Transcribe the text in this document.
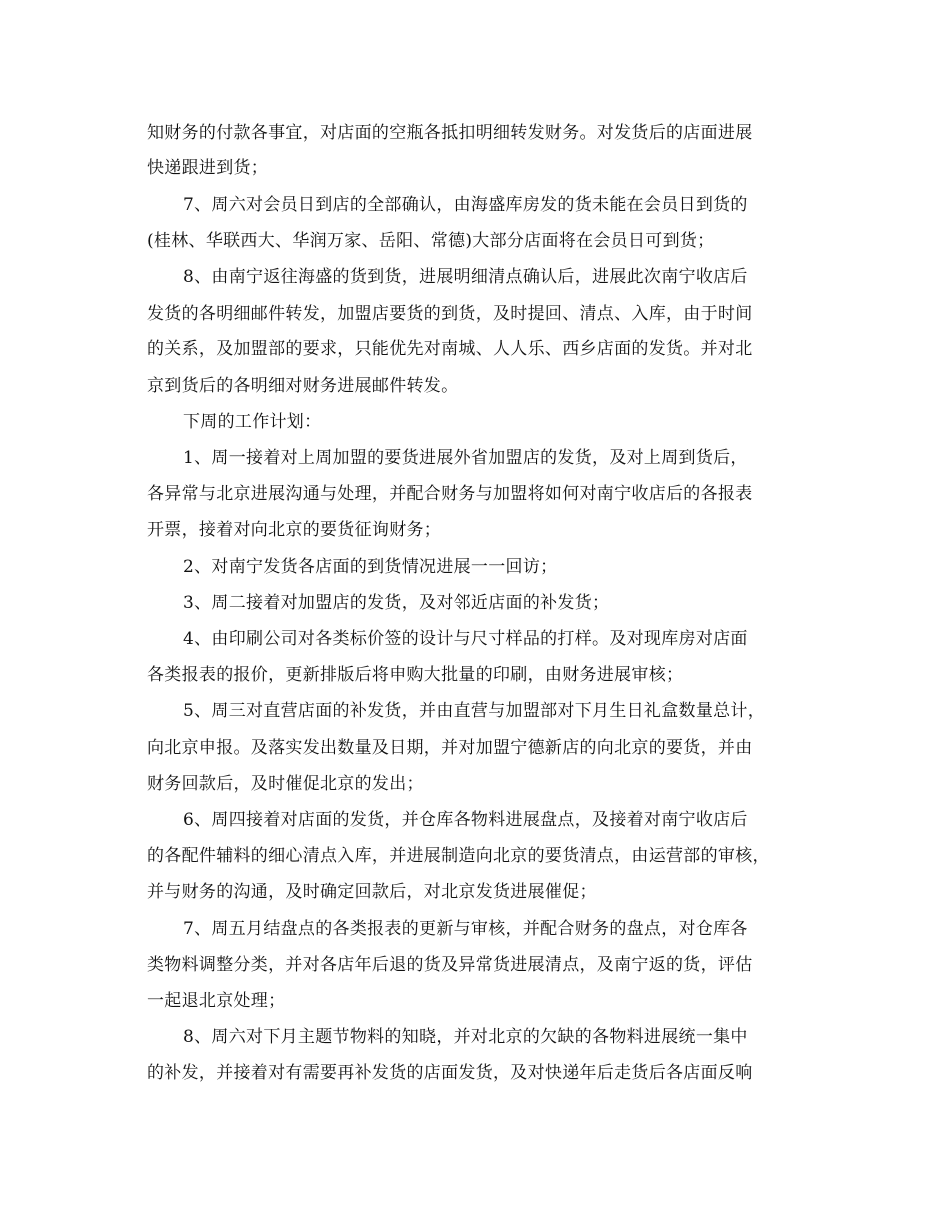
知财务的付款各事宜，对店面的空瓶各抵扣明细转发财务。对发货后的店面进展
快递跟进到货；
7、周六对会员日到店的全部确认，由海盛库房发的货未能在会员日到货的
(桂林、华联西大、华润万家、岳阳、常德)大部分店面将在会员日可到货；
8、由南宁返往海盛的货到货，进展明细清点确认后，进展此次南宁收店后
发货的各明细邮件转发，加盟店要货的到货，及时提回、清点、入库，由于时间
的关系，及加盟部的要求，只能优先对南城、人人乐、西乡店面的发货。并对北
京到货后的各明细对财务进展邮件转发。
下周的工作计划：
1、周一接着对上周加盟的要货进展外省加盟店的发货，及对上周到货后，
各异常与北京进展沟通与处理，并配合财务与加盟将如何对南宁收店后的各报表
开票，接着对向北京的要货征询财务；
2、对南宁发货各店面的到货情况进展一一回访；
3、周二接着对加盟店的发货，及对邻近店面的补发货；
4、由印刷公司对各类标价签的设计与尺寸样品的打样。及对现库房对店面
各类报表的报价，更新排版后将申购大批量的印刷，由财务进展审核；
5、周三对直营店面的补发货，并由直营与加盟部对下月生日礼盒数量总计，
向北京申报。及落实发出数量及日期，并对加盟宁德新店的向北京的要货，并由
财务回款后，及时催促北京的发出；
6、周四接着对店面的发货，并仓库各物料进展盘点，及接着对南宁收店后
的各配件辅料的细心清点入库，并进展制造向北京的要货清点，由运营部的审核，
并与财务的沟通，及时确定回款后，对北京发货进展催促；
7、周五月结盘点的各类报表的更新与审核，并配合财务的盘点，对仓库各
类物料调整分类，并对各店年后退的货及异常货进展清点，及南宁返的货，评估
一起退北京处理；
8、周六对下月主题节物料的知晓，并对北京的欠缺的各物料进展统一集中
的补发，并接着对有需要再补发货的店面发货，及对快递年后走货后各店面反响
